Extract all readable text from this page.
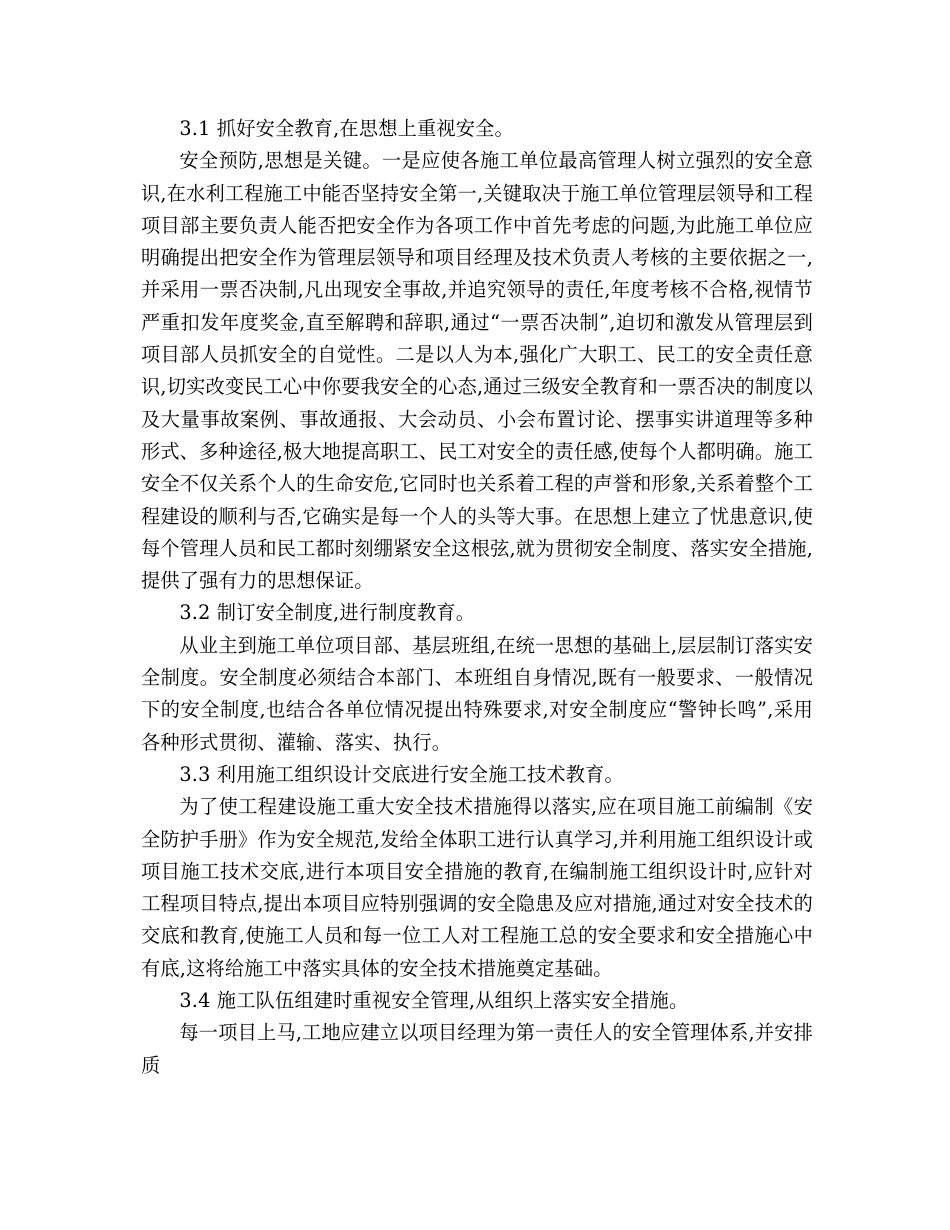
3.1 抓好安全教育,在思想上重视安全。

安全预防,思想是关键。一是应使各施工单位最高管理人树立强烈的安全意识,在水利工程施工中能否坚持安全第一,关键取决于施工单位管理层领导和工程项目部主要负责人能否把安全作为各项工作中首先考虑的问题,为此施工单位应明确提出把安全作为管理层领导和项目经理及技术负责人考核的主要依据之一,并采用一票否决制,凡出现安全事故,并追究领导的责任,年度考核不合格,视情节严重扣发年度奖金,直至解聘和辞职,通过“一票否决制”,迫切和激发从管理层到项目部人员抓安全的自觉性。二是以人为本,强化广大职工、民工的安全责任意识,切实改变民工心中你要我安全的心态,通过三级安全教育和一票否决的制度以及大量事故案例、事故通报、大会动员、小会布置讨论、摆事实讲道理等多种形式、多种途径,极大地提高职工、民工对安全的责任感,使每个人都明确。施工安全不仅关系个人的生命安危,它同时也关系着工程的声誉和形象,关系着整个工程建设的顺利与否,它确实是每一个人的头等大事。在思想上建立了忧患意识,使每个管理人员和民工都时刻绷紧安全这根弦,就为贯彻安全制度、落实安全措施,提供了强有力的思想保证。

3.2 制订安全制度,进行制度教育。

从业主到施工单位项目部、基层班组,在统一思想的基础上,层层制订落实安全制度。安全制度必须结合本部门、本班组自身情况,既有一般要求、一般情况下的安全制度,也结合各单位情况提出特殊要求,对安全制度应“警钟长鸣”,采用各种形式贯彻、灌输、落实、执行。

3.3 利用施工组织设计交底进行安全施工技术教育。

为了使工程建设施工重大安全技术措施得以落实,应在项目施工前编制《安全防护手册》作为安全规范,发给全体职工进行认真学习,并利用施工组织设计或项目施工技术交底,进行本项目安全措施的教育,在编制施工组织设计时,应针对工程项目特点,提出本项目应特别强调的安全隐患及应对措施,通过对安全技术的交底和教育,使施工人员和每一位工人对工程施工总的安全要求和安全措施心中有底,这将给施工中落实具体的安全技术措施奠定基础。

3.4 施工队伍组建时重视安全管理,从组织上落实安全措施。

每一项目上马,工地应建立以项目经理为第一责任人的安全管理体系,并安排质
